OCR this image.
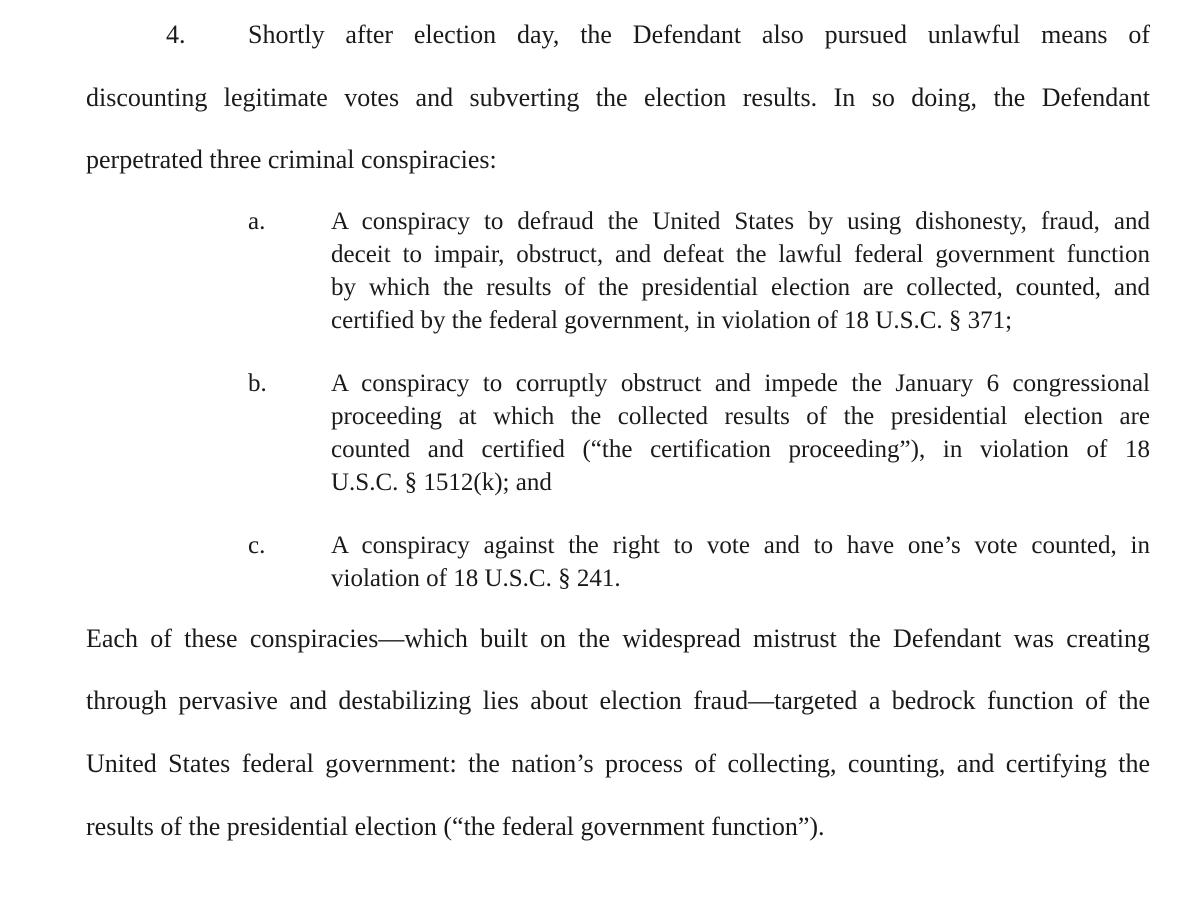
4. Shortly after election day, the Defendant also pursued unlawful means of
discounting legitimate votes and subverting the election results. In so doing, the Defendant
perpetrated three criminal conspiracies:
a.	A conspiracy to defraud the United States by using dishonesty, fraud, and
deceit to impair, obstruct, and defeat the lawful federal government function
by which the results of the presidential election are collected, counted, and
certified by the federal government, in violation of 18 U.S.C. § 371;
b.	A conspiracy to corruptly obstruct and impede the January 6 congressional
proceeding at which the collected results of the presidential election are
counted and certified (“the certification proceeding”), in violation of 18
U.S.C. § 1512(k); and
c.	A conspiracy against the right to vote and to have one’s vote counted, in
violation of 18 U.S.C. § 241.
Each of these conspiracies—which built on the widespread mistrust the Defendant was creating
through pervasive and destabilizing lies about election fraud—targeted a bedrock function of the
United States federal government: the nation’s process of collecting, counting, and certifying the
results of the presidential election (“the federal government function”).
